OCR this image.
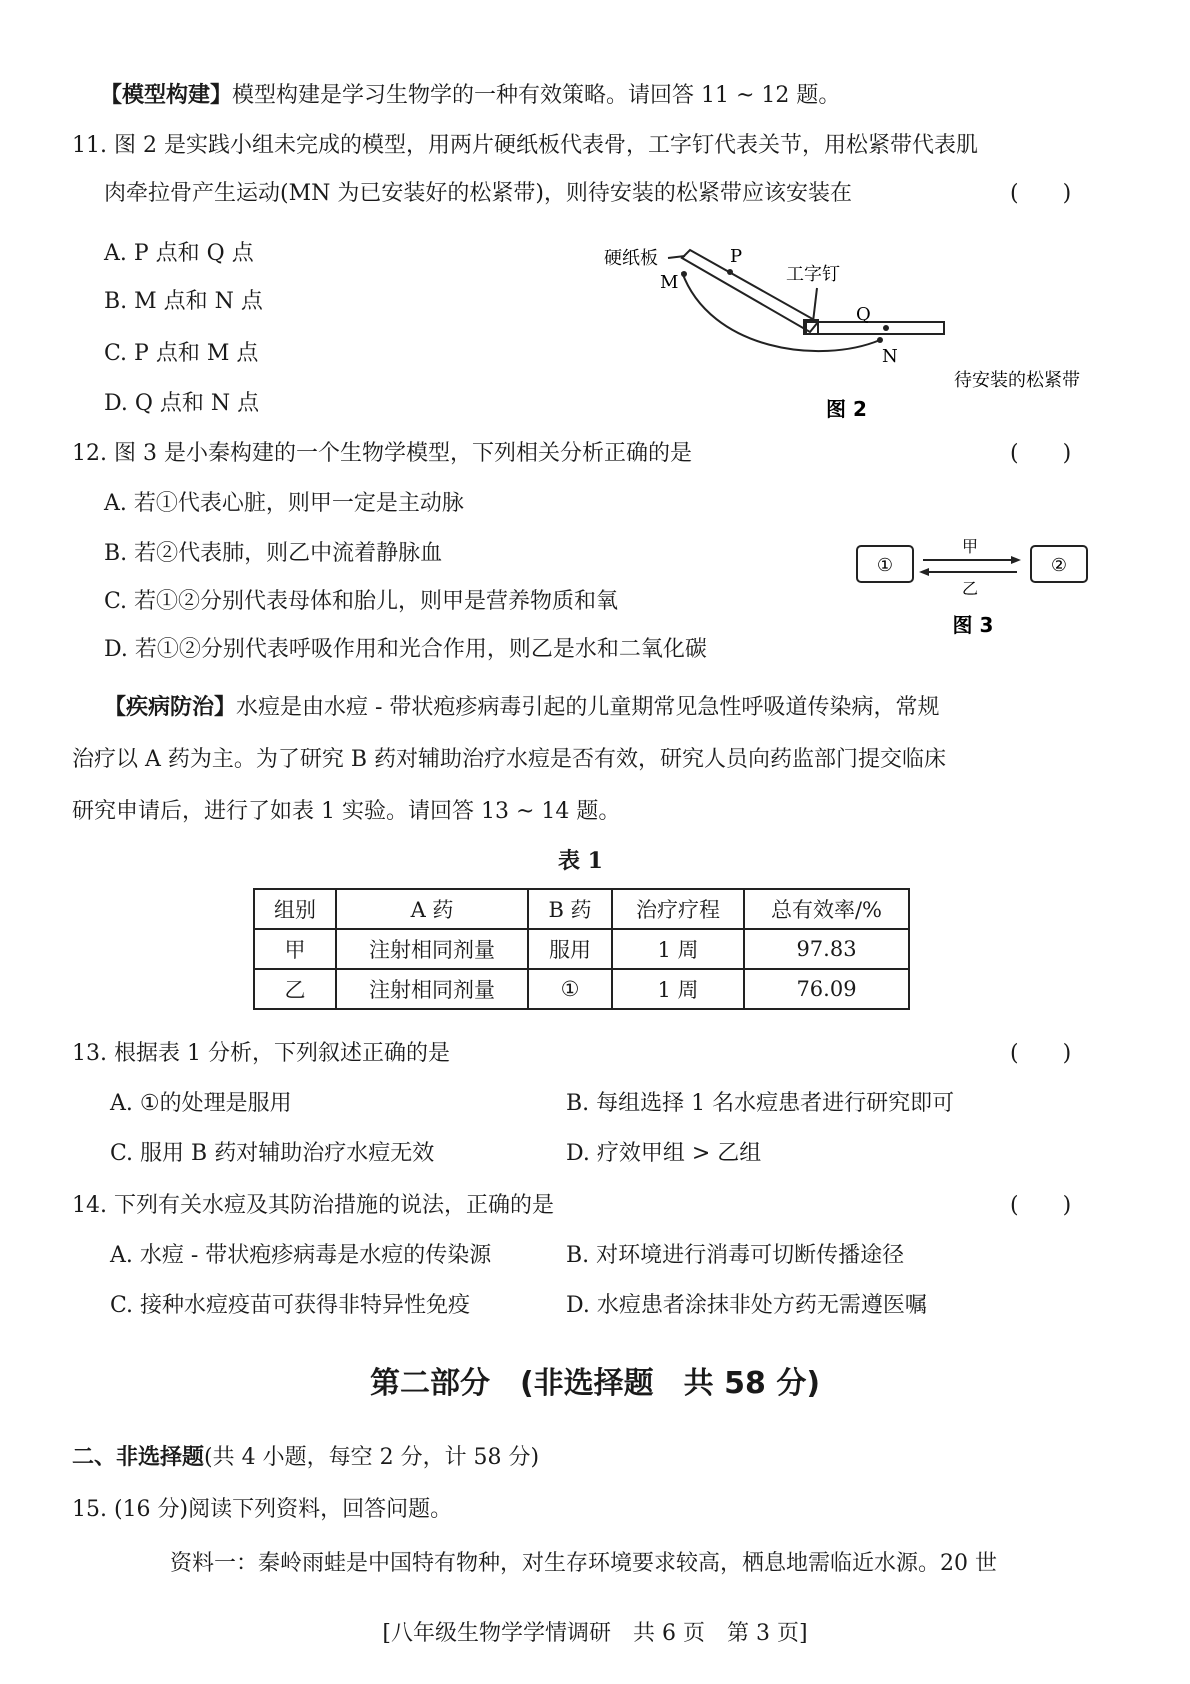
【模型构建】模型构建是学习生物学的一种有效策略。请回答 11 ~ 12 题。
11. 图 2 是实践小组未完成的模型，用两片硬纸板代表骨，工字钉代表关节，用松紧带代表肌
肉牵拉骨产生运动(MN 为已安装好的松紧带)，则待安装的松紧带应该安装在	(　　)
A. P 点和 Q 点
B. M 点和 N 点
C. P 点和 M 点
D. Q 点和 N 点
硬纸板	P
M	工字钉
Q
N
待安装的松紧带
图 2
12. 图 3 是小秦构建的一个生物学模型，下列相关分析正确的是	(　　)
A. 若①代表心脏，则甲一定是主动脉
B. 若②代表肺，则乙中流着静脉血
C. 若①②分别代表母体和胎儿，则甲是营养物质和氧
D. 若①②分别代表呼吸作用和光合作用，则乙是水和二氧化碳
①	②
甲
乙
图 3
【疾病防治】水痘是由水痘 - 带状疱疹病毒引起的儿童期常见急性呼吸道传染病，常规
治疗以 A 药为主。为了研究 B 药对辅助治疗水痘是否有效，研究人员向药监部门提交临床
研究申请后，进行了如表 1 实验。请回答 13 ~ 14 题。
表 1
组别	A 药	B 药	治疗疗程	总有效率/%
甲	注射相同剂量	服用	1 周	97.83
乙	注射相同剂量	①	1 周	76.09
13. 根据表 1 分析，下列叙述正确的是	(　　)
A. ①的处理是服用	B. 每组选择 1 名水痘患者进行研究即可
C. 服用 B 药对辅助治疗水痘无效	D. 疗效甲组 > 乙组
14. 下列有关水痘及其防治措施的说法，正确的是	(　　)
A. 水痘 - 带状疱疹病毒是水痘的传染源	B. 对环境进行消毒可切断传播途径
C. 接种水痘疫苗可获得非特异性免疫	D. 水痘患者涂抹非处方药无需遵医嘱
第二部分　(非选择题　共 58 分)
二、非选择题(共 4 小题，每空 2 分，计 58 分)
15. (16 分)阅读下列资料，回答问题。
资料一：秦岭雨蛙是中国特有物种，对生存环境要求较高，栖息地需临近水源。20 世
[八年级生物学学情调研　共 6 页　第 3 页]
